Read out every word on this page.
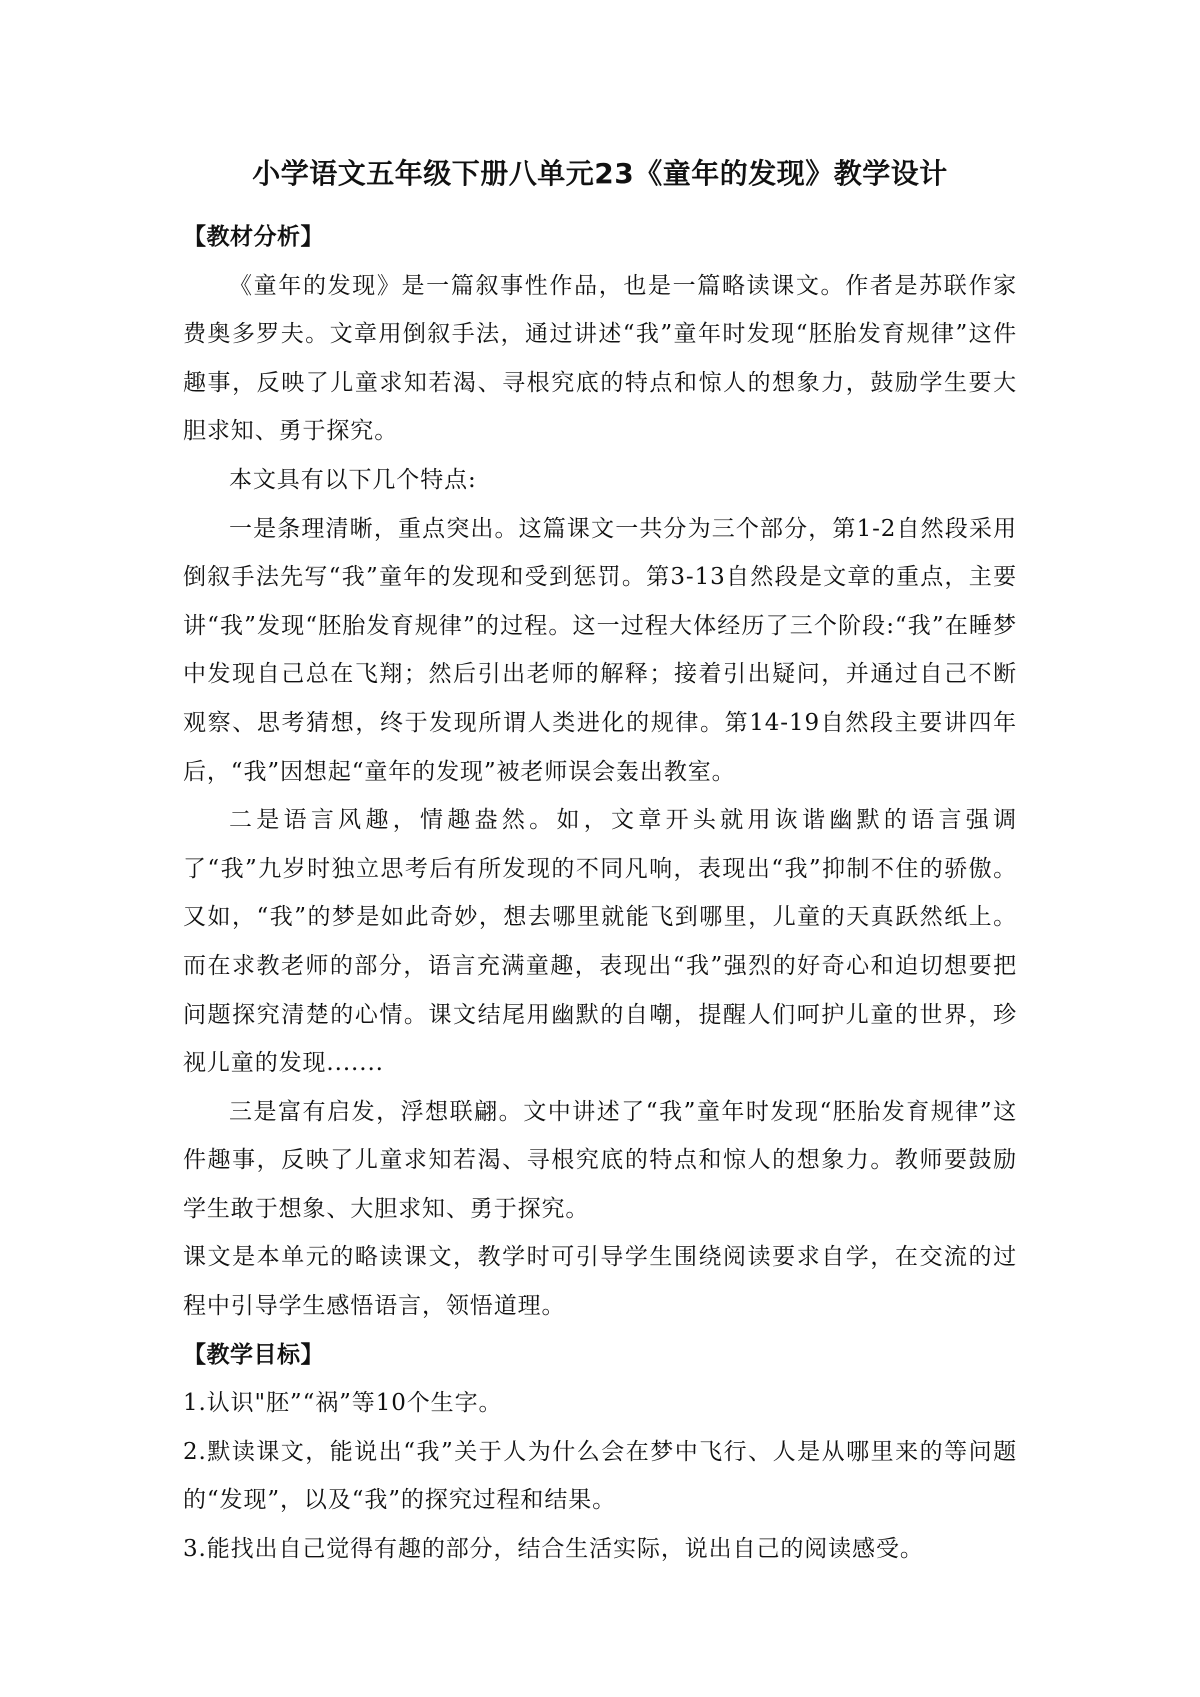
小学语文五年级下册八单元23《童年的发现》教学设计

【教材分析】

《童年的发现》是一篇叙事性作品，也是一篇略读课文。作者是苏联作家费奥多罗夫。文章用倒叙手法，通过讲述“我”童年时发现“胚胎发育规律”这件趣事，反映了儿童求知若渴、寻根究底的特点和惊人的想象力，鼓励学生要大胆求知、勇于探究。

本文具有以下几个特点:

一是条理清晰，重点突出。这篇课文一共分为三个部分，第1-2自然段采用倒叙手法先写“我”童年的发现和受到惩罚。第3-13自然段是文章的重点，主要讲“我”发现“胚胎发育规律”的过程。这一过程大体经历了三个阶段:“我”在睡梦中发现自己总在飞翔；然后引出老师的解释；接着引出疑问，并通过自己不断观察、思考猜想，终于发现所谓人类进化的规律。第14-19自然段主要讲四年后，“我”因想起“童年的发现”被老师误会轰出教室。

二是语言风趣，情趣盎然。如，文章开头就用诙谐幽默的语言强调了“我”九岁时独立思考后有所发现的不同凡响，表现出“我”抑制不住的骄傲。又如，“我”的梦是如此奇妙，想去哪里就能飞到哪里，儿童的天真跃然纸上。而在求教老师的部分，语言充满童趣，表现出“我”强烈的好奇心和迫切想要把问题探究清楚的心情。课文结尾用幽默的自嘲，提醒人们呵护儿童的世界，珍视儿童的发现.......

三是富有启发，浮想联翩。文中讲述了“我”童年时发现“胚胎发育规律”这件趣事，反映了儿童求知若渴、寻根究底的特点和惊人的想象力。教师要鼓励学生敢于想象、大胆求知、勇于探究。

课文是本单元的略读课文，教学时可引导学生围绕阅读要求自学，在交流的过程中引导学生感悟语言，领悟道理。

【教学目标】

1.认识"胚”“祸”等10个生字。

2.默读课文，能说出“我”关于人为什么会在梦中飞行、人是从哪里来的等问题的“发现”，以及“我”的探究过程和结果。

3.能找出自己觉得有趣的部分，结合生活实际，说出自己的阅读感受。
